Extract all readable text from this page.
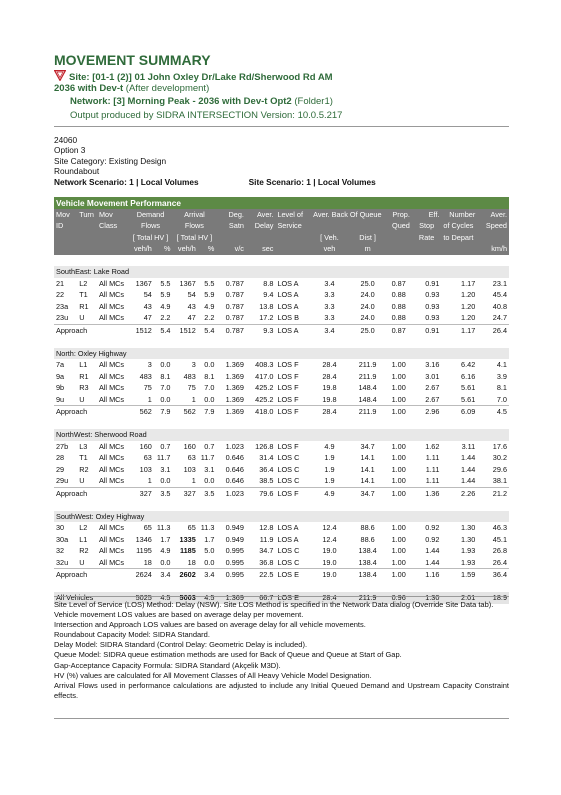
MOVEMENT SUMMARY
Site: [01-1 (2)] 01 John Oxley Dr/Lake Rd/Sherwood Rd AM
2036 with Dev-t (After development)
Network: [3] Morning Peak - 2036 with Dev-t Opt2 (Folder1)
Output produced by SIDRA INTERSECTION Version: 10.0.5.217
24060
Option 3
Site Category: Existing Design
Roundabout
Network Scenario: 1 | Local Volumes	Site Scenario: 1 | Local Volumes
Vehicle Movement Performance															
Mov	Turn	Mov	Demand		Arrival		Deg.	Aver.	Level of	Aver. Back Of Queue		Prop.	Eff.	Number	Aver.
ID		Class	Flows		Flows		Satn	Delay	Service			Qued	Stop	of Cycles	Speed
			[ Total HV ]		[ Total HV ]					[ Veh.	Dist ]		Rate	to Depart	
			veh/h	%	veh/h	%	v/c	sec		veh	m				km/h

SouthEast: Lake Road															
21	L2	All MCs	1367	5.5	1367	5.5	0.787	8.8	LOS A	3.4	25.0	0.87	0.91	1.17	23.1
22	T1	All MCs	54	5.9	54	5.9	0.787	9.4	LOS A	3.3	24.0	0.88	0.93	1.20	45.4
23a	R1	All MCs	43	4.9	43	4.9	0.787	13.8	LOS A	3.3	24.0	0.88	0.93	1.20	40.8
23u	U	All MCs	47	2.2	47	2.2	0.787	17.2	LOS B	3.3	24.0	0.88	0.93	1.20	24.7
Approach			1512	5.4	1512	5.4	0.787	9.3	LOS A	3.4	25.0	0.87	0.91	1.17	26.4

North: Oxley Highway															
7a	L1	All MCs	3	0.0	3	0.0	1.369	408.3	LOS F	28.4	211.9	1.00	3.16	6.42	4.1
9a	R1	All MCs	483	8.1	483	8.1	1.369	417.0	LOS F	28.4	211.9	1.00	3.01	6.16	3.9
9b	R3	All MCs	75	7.0	75	7.0	1.369	425.2	LOS F	19.8	148.4	1.00	2.67	5.61	8.1
9u	U	All MCs	1	0.0	1	0.0	1.369	425.2	LOS F	19.8	148.4	1.00	2.67	5.61	7.0
Approach			562	7.9	562	7.9	1.369	418.0	LOS F	28.4	211.9	1.00	2.96	6.09	4.5

NorthWest: Sherwood Road															
27b	L3	All MCs	160	0.7	160	0.7	1.023	126.8	LOS F	4.9	34.7	1.00	1.62	3.11	17.6
28	T1	All MCs	63	11.7	63	11.7	0.646	31.4	LOS C	1.9	14.1	1.00	1.11	1.44	30.2
29	R2	All MCs	103	3.1	103	3.1	0.646	36.4	LOS C	1.9	14.1	1.00	1.11	1.44	29.6
29u	U	All MCs	1	0.0	1	0.0	0.646	38.5	LOS C	1.9	14.1	1.00	1.11	1.44	38.1
Approach			327	3.5	327	3.5	1.023	79.6	LOS F	4.9	34.7	1.00	1.36	2.26	21.2

SouthWest: Oxley Highway															
30	L2	All MCs	65	11.3	65	11.3	0.949	12.8	LOS A	12.4	88.6	1.00	0.92	1.30	46.3
30a	L1	All MCs	1346	1.7	1335	1.7	0.949	11.9	LOS A	12.4	88.6	1.00	0.92	1.30	45.1
32	R2	All MCs	1195	4.9	1185	5.0	0.995	34.7	LOS C	19.0	138.4	1.00	1.44	1.93	26.8
32u	U	All MCs	18	0.0	18	0.0	0.995	36.8	LOS C	19.0	138.4	1.00	1.44	1.93	26.4
Approach			2624	3.4	2602	3.4	0.995	22.5	LOS E	19.0	138.4	1.00	1.16	1.59	36.4

All Vehicles			5025	4.5	5003	4.5	1.369	66.7	LOS E	28.4	211.9	0.96	1.30	2.01	18.9

Site Level of Service (LOS) Method: Delay (NSW). Site LOS Method is specified in the Network Data dialog (Override Site Data tab).

Vehicle movement LOS values are based on average delay per movement.

Intersection and Approach LOS values are based on average delay for all vehicle movements.

Roundabout Capacity Model: SIDRA Standard.

Delay Model: SIDRA Standard (Control Delay: Geometric Delay is included).

Queue Model: SIDRA queue estimation methods are used for Back of Queue and Queue at Start of Gap.

Gap-Acceptance Capacity Formula: SIDRA Standard (Akçelik M3D).

HV (%) values are calculated for All Movement Classes of All Heavy Vehicle Model Designation.

Arrival Flows used in performance calculations are adjusted to include any Initial Queued Demand and Upstream Capacity Constraint effects.
